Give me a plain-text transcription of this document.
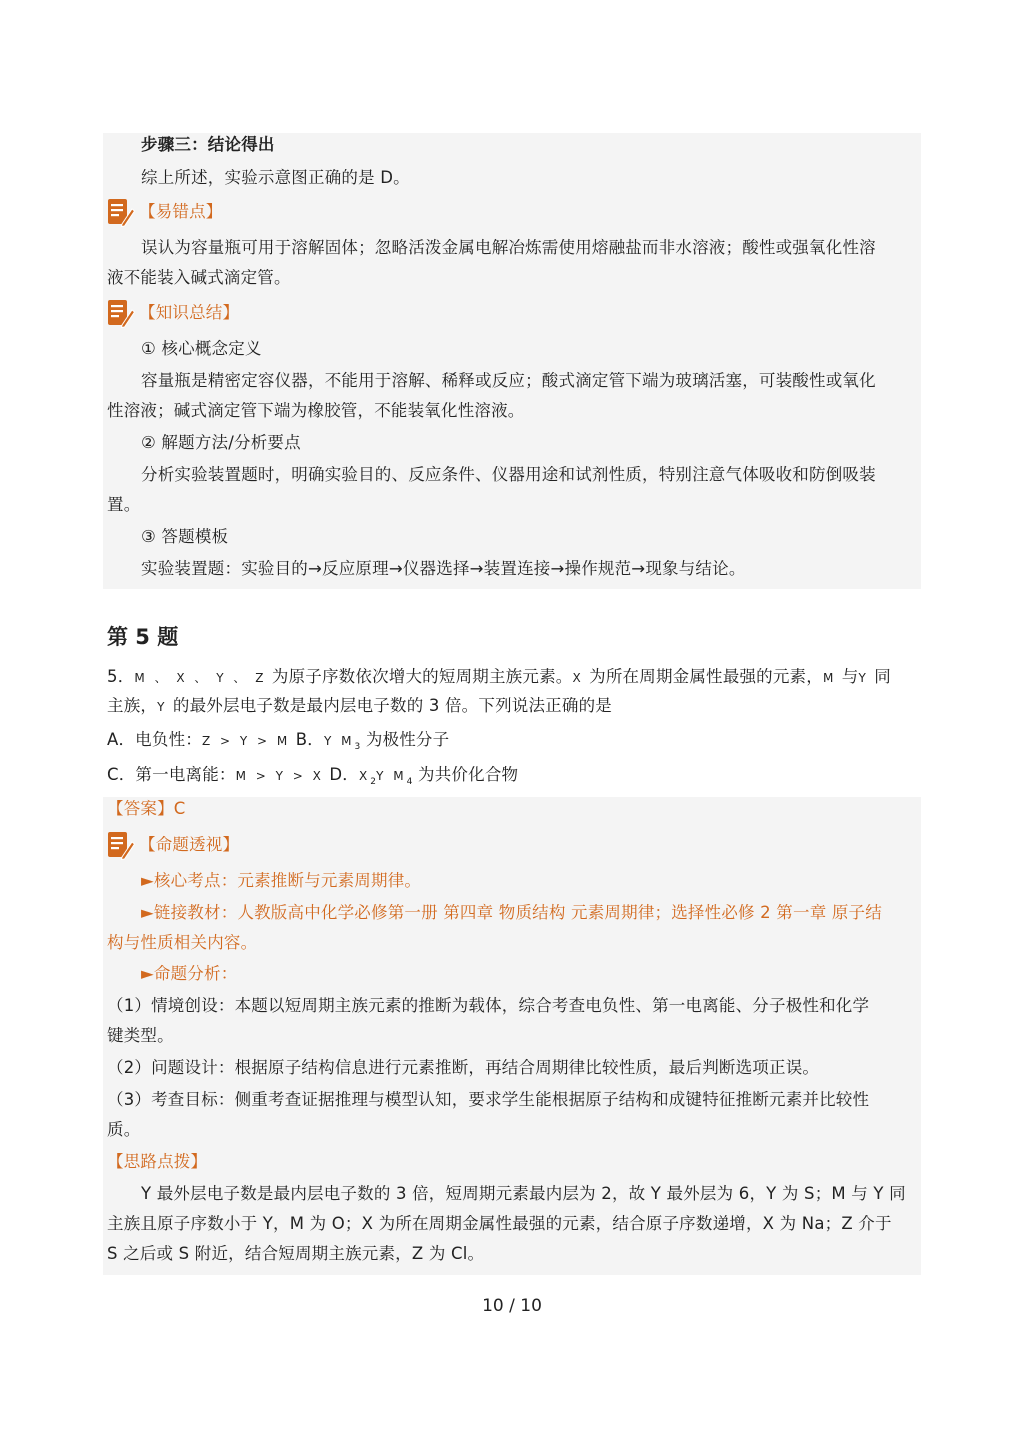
步骤三：结论得出
综上所述，实验示意图正确的是 D。
【易错点】
误认为容量瓶可用于溶解固体；忽略活泼金属电解冶炼需使用熔融盐而非水溶液；酸性或强氧化性溶
液不能装入碱式滴定管。
【知识总结】
① 核心概念定义
容量瓶是精密定容仪器，不能用于溶解、稀释或反应；酸式滴定管下端为玻璃活塞，可装酸性或氧化
性溶液；碱式滴定管下端为橡胶管，不能装氧化性溶液。
② 解题方法/分析要点
分析实验装置题时，明确实验目的、反应条件、仪器用途和试剂性质，特别注意气体吸收和防倒吸装
置。
③ 答题模板
实验装置题：实验目的→反应原理→仪器选择→装置连接→操作规范→现象与结论。
第 5 题
5．M 、 X 、 Y 、 Z 为原子序数依次增大的短周期主族元素。X 为所在周期金属性最强的元素，M 与Y 同
主族，Y 的最外层电子数是最内层电子数的 3 倍。下列说法正确的是
A．电负性：Z > Y > M B．Y $M_3$ 为极性分子
C．第一电离能：M > Y > X D．$X_2Y$ $M_4$ 为共价化合物
【答案】C
【命题透视】
►核心考点：元素推断与元素周期律。
►链接教材：人教版高中化学必修第一册 第四章 物质结构 元素周期律；选择性必修 2 第一章 原子结
构与性质相关内容。
►命题分析：
（1）情境创设：本题以短周期主族元素的推断为载体，综合考查电负性、第一电离能、分子极性和化学
键类型。
（2）问题设计：根据原子结构信息进行元素推断，再结合周期律比较性质，最后判断选项正误。
（3）考查目标：侧重考查证据推理与模型认知，要求学生能根据原子结构和成键特征推断元素并比较性
质。
【思路点拨】
Y 最外层电子数是最内层电子数的 3 倍，短周期元素最内层为 2，故 Y 最外层为 6，Y 为 S；M 与 Y 同
主族且原子序数小于 Y，M 为 O；X 为所在周期金属性最强的元素，结合原子序数递增，X 为 Na；Z 介于
S 之后或 S 附近，结合短周期主族元素，Z 为 Cl。
10 / 10
